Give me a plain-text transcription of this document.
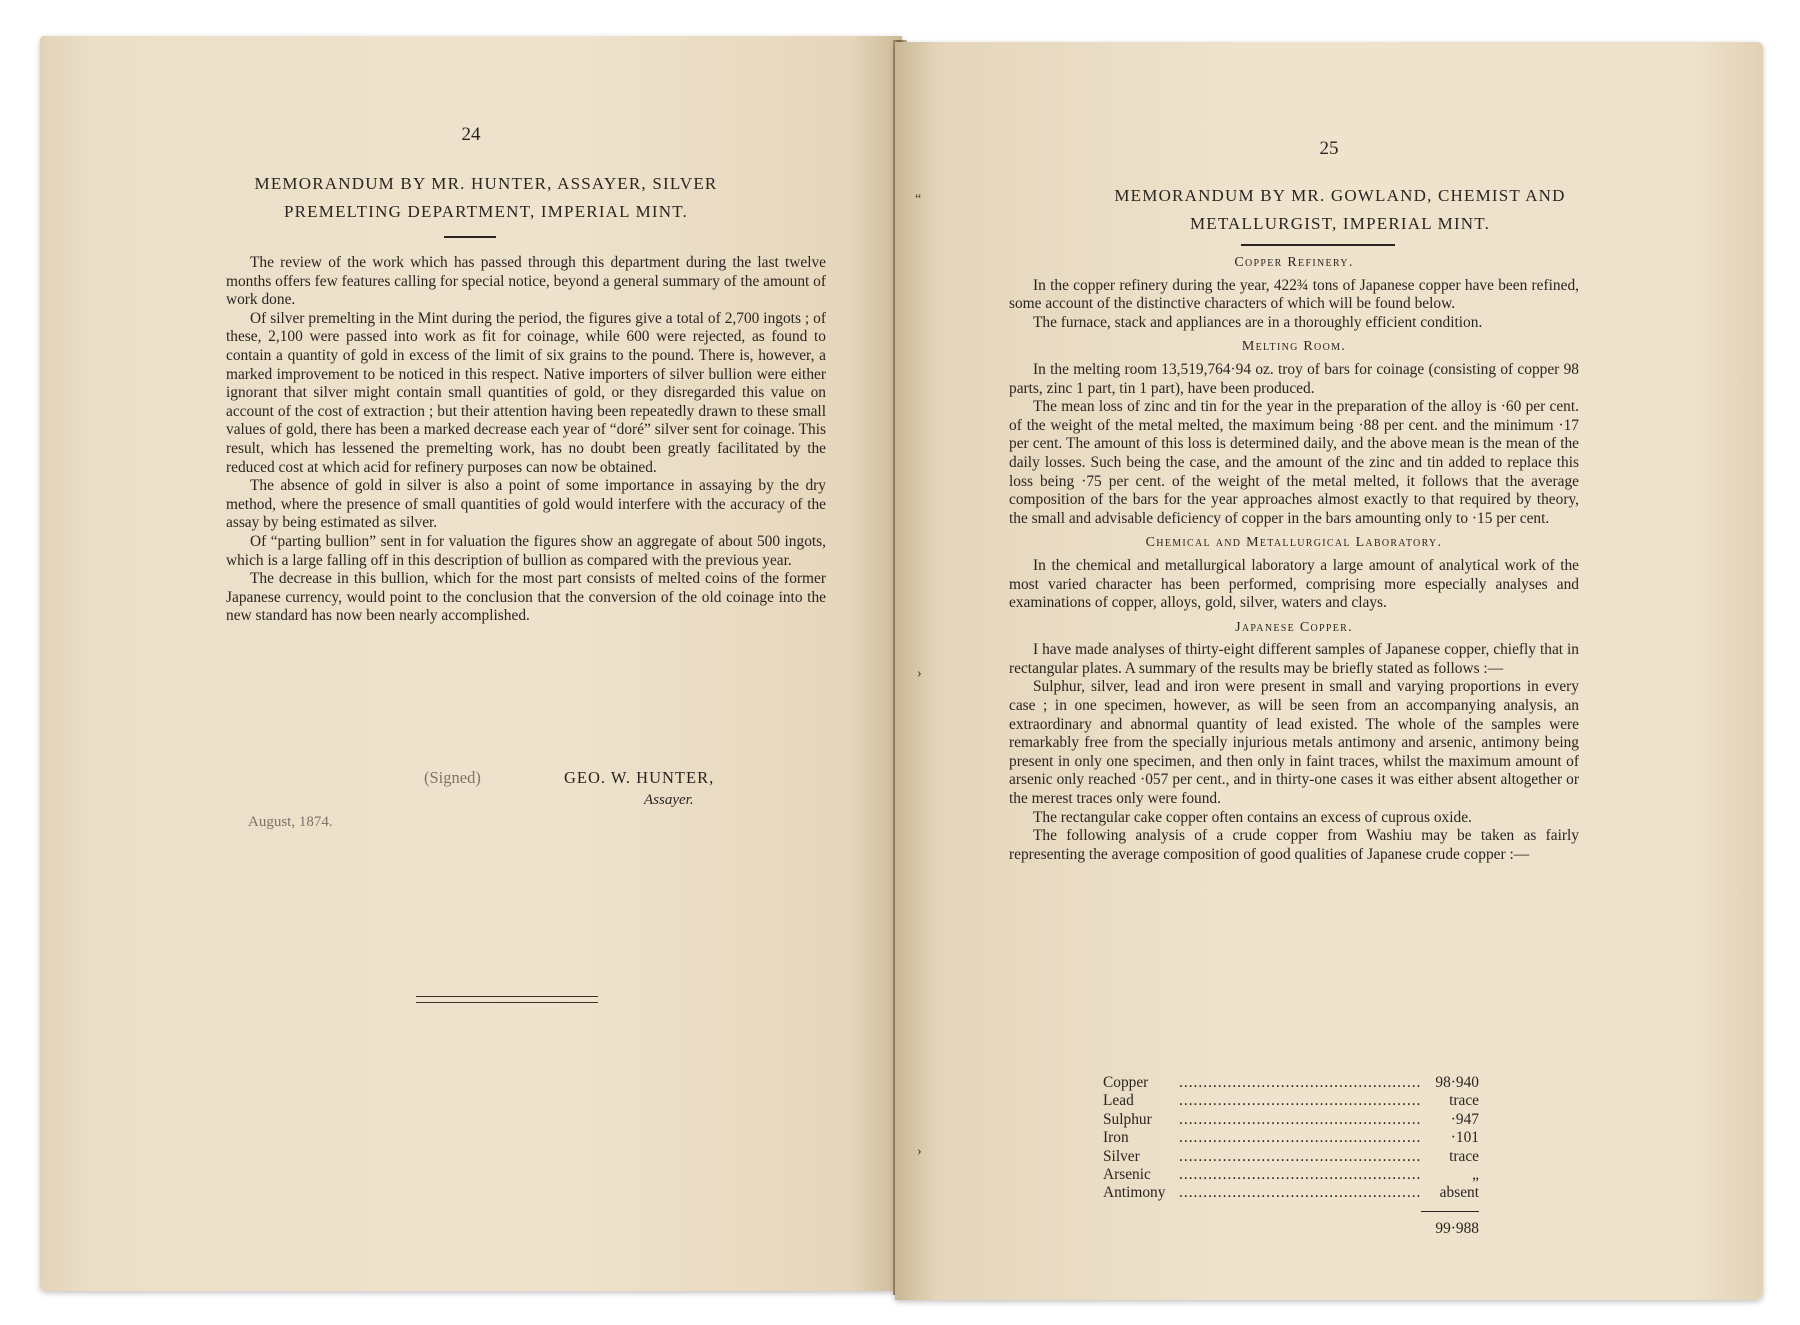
24
MEMORANDUM BY MR. HUNTER, ASSAYER, SILVER
PREMELTING DEPARTMENT, IMPERIAL MINT.

The review of the work which has passed through this department during the last twelve months offers few features calling for special notice, beyond a general summary of the amount of work done.

Of silver premelting in the Mint during the period, the figures give a total of 2,700 ingots ; of these, 2,100 were passed into work as fit for coinage, while 600 were rejected, as found to contain a quantity of gold in excess of the limit of six grains to the pound. There is, however, a marked improvement to be noticed in this respect. Native importers of silver bullion were either ignorant that silver might contain small quantities of gold, or they disregarded this value on account of the cost of extraction ; but their attention having been repeatedly drawn to these small values of gold, there has been a marked decrease each year of “doré” silver sent for coinage. This result, which has lessened the premelting work, has no doubt been greatly facilitated by the reduced cost at which acid for refinery purposes can now be obtained.

The absence of gold in silver is also a point of some importance in assaying by the dry method, where the presence of small quantities of gold would interfere with the accuracy of the assay by being estimated as silver.

Of “parting bullion” sent in for valuation the figures show an aggregate of about 500 ingots, which is a large falling off in this description of bullion as compared with the previous year.

The decrease in this bullion, which for the most part consists of melted coins of the former Japanese currency, would point to the conclusion that the conversion of the old coinage into the new standard has now been nearly accomplished.

(Signed)	GEO. W. HUNTER,
Assayer.
August, 1874.
25
MEMORANDUM BY MR. GOWLAND, CHEMIST AND
METALLURGIST, IMPERIAL MINT.
Copper Refinery.

In the copper refinery during the year, 422¾ tons of Japanese copper have been refined, some account of the distinctive characters of which will be found below.

The furnace, stack and appliances are in a thoroughly efficient condition.

Melting Room.

In the melting room 13,519,764·94 oz. troy of bars for coinage (consisting of copper 98 parts, zinc 1 part, tin 1 part), have been produced.

The mean loss of zinc and tin for the year in the preparation of the alloy is ·60 per cent. of the weight of the metal melted, the maximum being ·88 per cent. and the minimum ·17 per cent. The amount of this loss is determined daily, and the above mean is the mean of the daily losses. Such being the case, and the amount of the zinc and tin added to replace this loss being ·75 per cent. of the weight of the metal melted, it follows that the average composition of the bars for the year approaches almost exactly to that required by theory, the small and advisable deficiency of copper in the bars amounting only to ·15 per cent.

Chemical and Metallurgical Laboratory.

In the chemical and metallurgical laboratory a large amount of analytical work of the most varied character has been performed, comprising more especially analyses and examinations of copper, alloys, gold, silver, waters and clays.

Japanese Copper.

I have made analyses of thirty-eight different samples of Japanese copper, chiefly that in rectangular plates. A summary of the results may be briefly stated as follows :—

Sulphur, silver, lead and iron were present in small and varying proportions in every case ; in one specimen, however, as will be seen from an accompanying analysis, an extraordinary and abnormal quantity of lead existed. The whole of the samples were remarkably free from the specially injurious metals antimony and arsenic, antimony being present in only one specimen, and then only in faint traces, whilst the maximum amount of arsenic only reached ·057 per cent., and in thirty-one cases it was either absent altogether or the merest traces only were found.

The rectangular cake copper often contains an excess of cuprous oxide.

The following analysis of a crude copper from Washiu may be taken as fairly representing the average composition of good qualities of Japanese crude copper :—

Copper	.................................................. 98·940
Lead	..................................................	trace
Sulphur	..................................................	·947
Iron	..................................................	·101
Silver	..................................................	trace
Arsenic	..................................................	„
Antimony ..................................................	absent
99·988
“
›
›
